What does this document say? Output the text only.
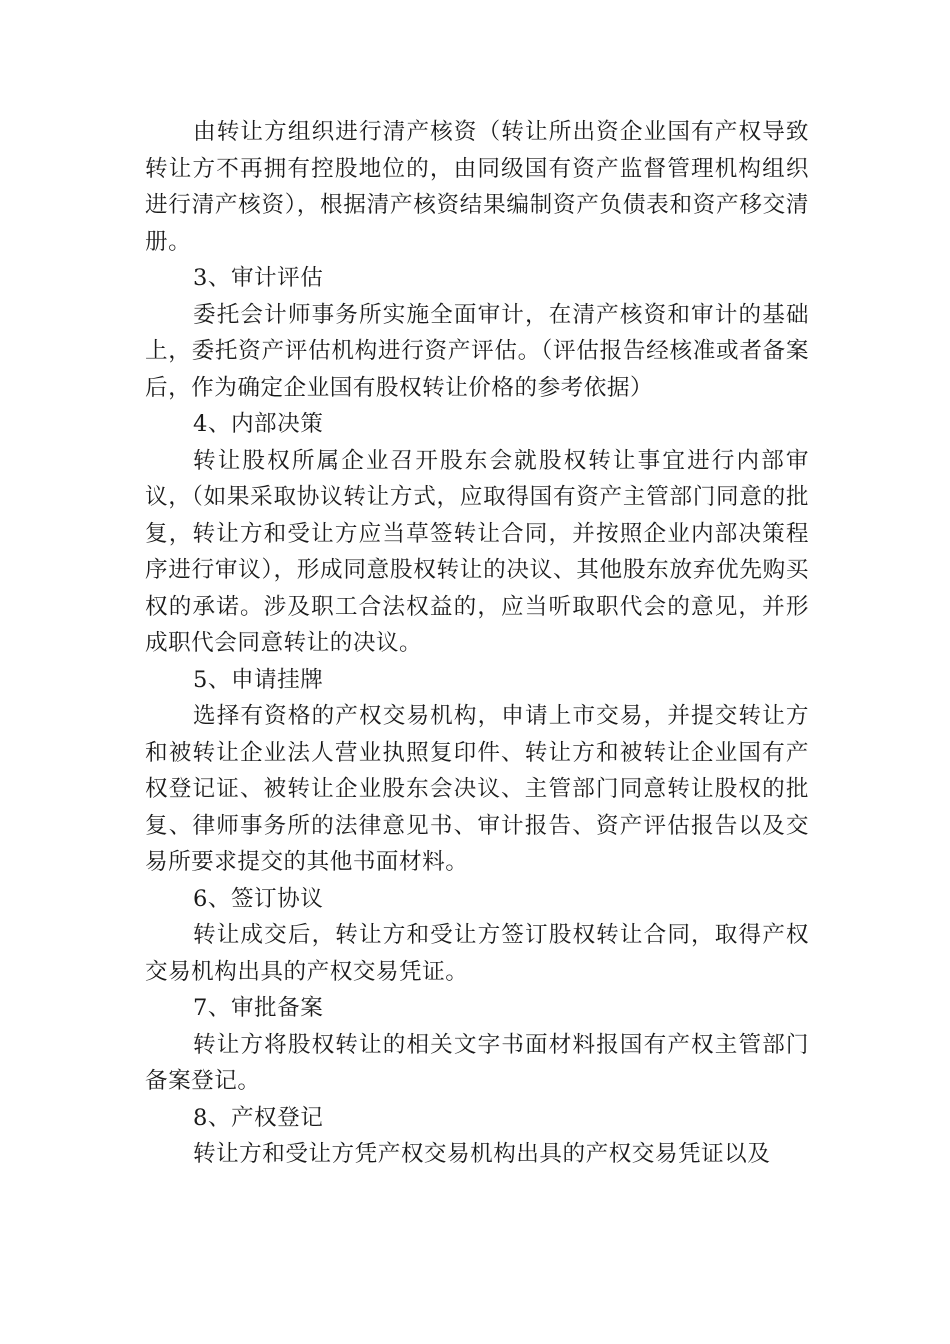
由转让方组织进行清产核资（转让所出资企业国有产权导致转让方不再拥有控股地位的，由同级国有资产监督管理机构组织进行清产核资），根据清产核资结果编制资产负债表和资产移交清册。

3、审计评估

委托会计师事务所实施全面审计，在清产核资和审计的基础上，委托资产评估机构进行资产评估。（评估报告经核准或者备案后，作为确定企业国有股权转让价格的参考依据）

4、内部决策

转让股权所属企业召开股东会就股权转让事宜进行内部审议，（如果采取协议转让方式，应取得国有资产主管部门同意的批复，转让方和受让方应当草签转让合同，并按照企业内部决策程序进行审议），形成同意股权转让的决议、其他股东放弃优先购买权的承诺。涉及职工合法权益的，应当听取职代会的意见，并形成职代会同意转让的决议。

5、申请挂牌

选择有资格的产权交易机构，申请上市交易，并提交转让方和被转让企业法人营业执照复印件、转让方和被转让企业国有产权登记证、被转让企业股东会决议、主管部门同意转让股权的批复、律师事务所的法律意见书、审计报告、资产评估报告以及交易所要求提交的其他书面材料。

6、签订协议

转让成交后，转让方和受让方签订股权转让合同，取得产权交易机构出具的产权交易凭证。

7、审批备案

转让方将股权转让的相关文字书面材料报国有产权主管部门备案登记。

8、产权登记

转让方和受让方凭产权交易机构出具的产权交易凭证以及
